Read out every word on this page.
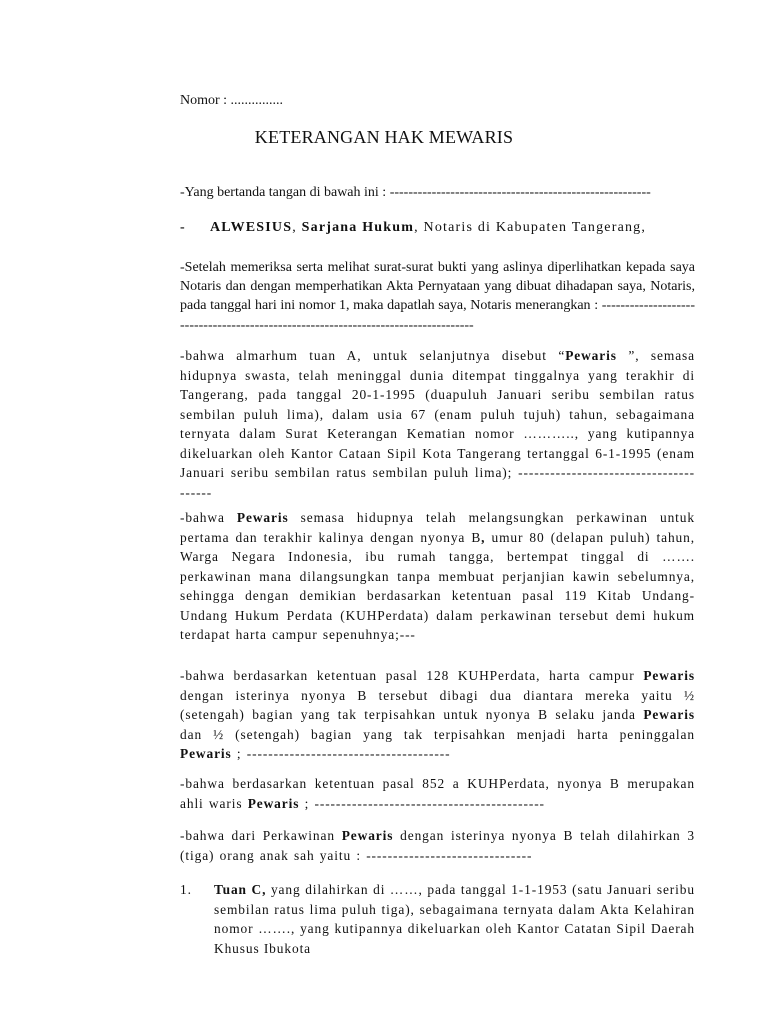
Nomor : ...............
KETERANGAN HAK MEWARIS
-Yang bertanda tangan di bawah ini : --------------------------------------------------------
- ALWESIUS, Sarjana Hukum, Notaris di Kabupaten Tangerang,

-Setelah memeriksa serta melihat surat-surat bukti yang aslinya diperlihatkan kepada saya Notaris dan dengan memperhatikan Akta Pernyataan yang dibuat dihadapan saya, Notaris, pada tanggal hari ini nomor 1, maka dapatlah saya, Notaris menerangkan : -----------------------------------------------------------------------------------

-bahwa almarhum tuan A, untuk selanjutnya disebut “Pewaris ”, semasa hidupnya swasta, telah meninggal dunia ditempat tinggalnya yang terakhir di Tangerang, pada tanggal 20-1-1995 (duapuluh Januari seribu sembilan ratus sembilan puluh lima), dalam usia 67 (enam puluh tujuh) tahun, sebagaimana ternyata dalam Surat Keterangan Kematian nomor ……….., yang kutipannya dikeluarkan oleh Kantor Cataan Sipil Kota Tangerang tertanggal 6-1-1995 (enam Januari seribu sembilan ratus sembilan puluh lima); ---------------------------------------

-bahwa Pewaris semasa hidupnya telah melangsungkan perkawinan untuk pertama dan terakhir kalinya dengan nyonya B, umur 80 (delapan puluh) tahun, Warga Negara Indonesia, ibu rumah tangga, bertempat tinggal di ……. perkawinan mana dilangsungkan tanpa membuat perjanjian kawin sebelumnya, sehingga dengan demikian berdasarkan ketentuan pasal 119 Kitab Undang-Undang Hukum Perdata (KUHPerdata) dalam perkawinan tersebut demi hukum terdapat harta campur sepenuhnya;---

-bahwa berdasarkan ketentuan pasal 128 KUHPerdata, harta campur Pewaris dengan isterinya nyonya B tersebut dibagi dua diantara mereka yaitu ½ (setengah) bagian yang tak terpisahkan untuk nyonya B selaku janda Pewaris dan ½ (setengah) bagian yang tak terpisahkan menjadi harta peninggalan Pewaris ; --------------------------------------

-bahwa berdasarkan ketentuan pasal 852 a KUHPerdata, nyonya B merupakan ahli waris Pewaris ; -------------------------------------------

-bahwa dari Perkawinan Pewaris dengan isterinya nyonya B telah dilahirkan 3 (tiga) orang anak sah yaitu : -------------------------------

1.	Tuan C, yang dilahirkan di ……, pada tanggal 1-1-1953 (satu Januari seribu sembilan ratus lima puluh tiga), sebagaimana ternyata dalam Akta Kelahiran nomor ……., yang kutipannya dikeluarkan oleh Kantor Catatan Sipil Daerah Khusus Ibukota
